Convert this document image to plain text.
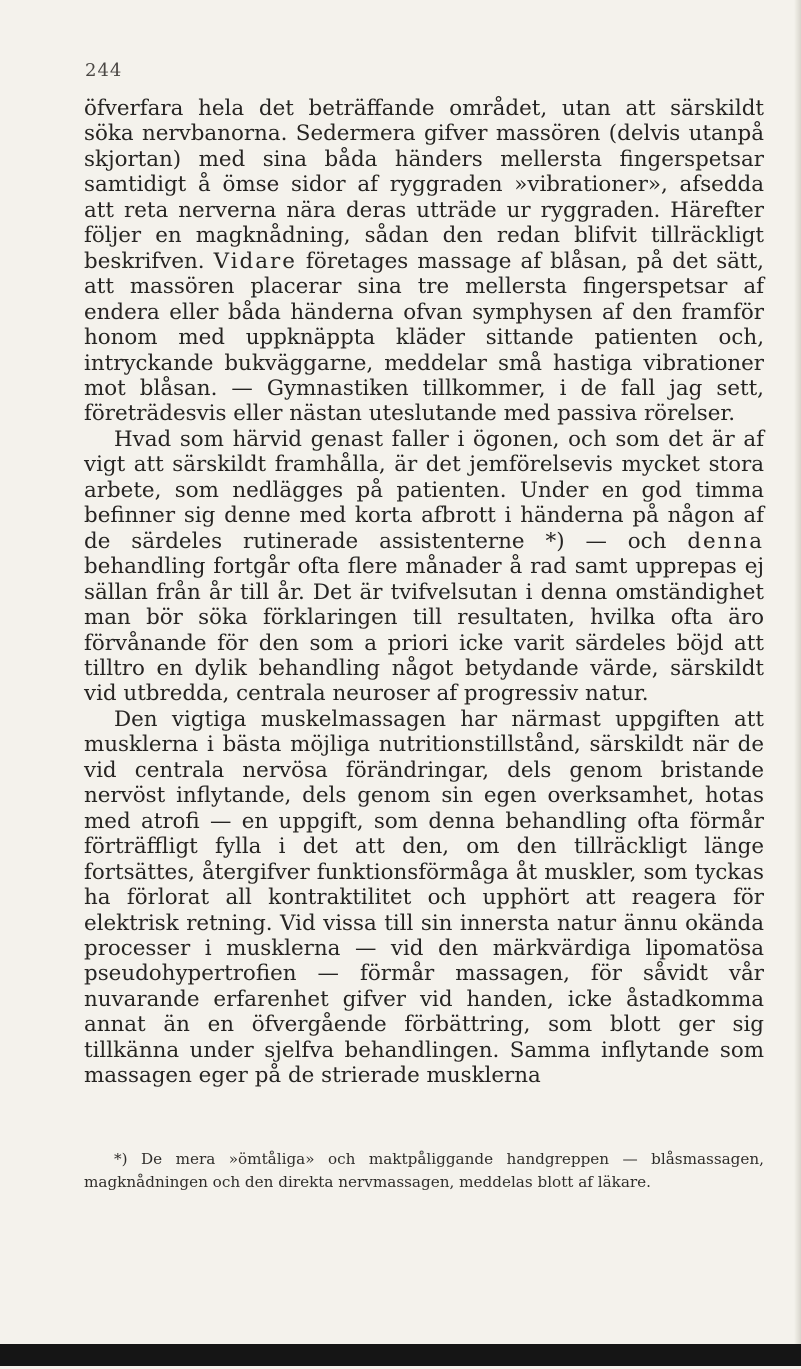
244

öfverfara hela det beträffande området, utan att särskildt söka nervbanorna. Sedermera gifver massören (delvis utanpå skjortan) med sina båda händers mellersta fingerspetsar samtidigt å ömse sidor af ryggraden »vibrationer», afsedda att reta nerverna nära deras utträde ur ryggraden. Härefter följer en magknådning, sådan den redan blifvit tillräckligt beskrifven. Vidare företages massage af blåsan, på det sätt, att massören placerar sina tre mellersta fingerspetsar af endera eller båda händerna ofvan symphysen af den framför honom med uppknäppta kläder sittande patienten och, intryckande bukväggarne, meddelar små hastiga vibrationer mot blåsan. — Gymnastiken tillkommer, i de fall jag sett, företrädesvis eller nästan uteslutande med passiva rörelser.

Hvad som härvid genast faller i ögonen, och som det är af vigt att särskildt framhålla, är det jemförelsevis mycket stora arbete, som nedlägges på patienten. Under en god timma befinner sig denne med korta afbrott i händerna på någon af de särdeles rutinerade assistenterne *) — och denna behandling fortgår ofta flere månader å rad samt upprepas ej sällan från år till år. Det är tvifvelsutan i denna omständighet man bör söka förklaringen till resultaten, hvilka ofta äro förvånande för den som a priori icke varit särdeles böjd att tilltro en dylik behandling något betydande värde, särskildt vid utbredda, centrala neuroser af progressiv natur.

Den vigtiga muskelmassagen har närmast uppgiften att musklerna i bästa möjliga nutritionstillstånd, särskildt när de vid centrala nervösa förändringar, dels genom bristande nervöst inflytande, dels genom sin egen overksamhet, hotas med atrofi — en uppgift, som denna behandling ofta förmår förträffligt fylla i det att den, om den tillräckligt länge fortsättes, återgifver funktionsförmåga åt muskler, som tyckas ha förlorat all kontraktilitet och upphört att reagera för elektrisk retning. Vid vissa till sin innersta natur ännu okända processer i musklerna — vid den märkvärdiga lipomatösa pseudohypertrofien — förmår massagen, för såvidt vår nuvarande erfarenhet gifver vid handen, icke åstadkomma annat än en öfvergående förbättring, som blott ger sig tillkänna under sjelfva behandlingen. Samma inflytande som massagen eger på de strierade musklerna

*) De mera »ömtåliga» och maktpåliggande handgreppen — blåsmassagen, magknådningen och den direkta nervmassagen, meddelas blott af läkare.
